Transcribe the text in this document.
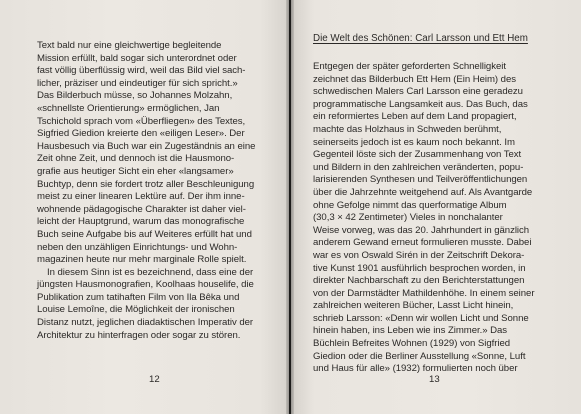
Text bald nur eine gleichwertige begleitende
Mission erfüllt, bald sogar sich unterordnet oder
fast völlig überflüssig wird, weil das Bild viel sach-
licher, präziser und eindeutiger für sich spricht.»
Das Bilderbuch müsse, so Johannes Molzahn,
«schnellste Orientierung» ermöglichen, Jan
Tschichold sprach vom «Überfliegen» des Textes,
Sigfried Giedion kreierte den «eiligen Leser». Der
Hausbesuch via Buch war ein Zugeständnis an eine
Zeit ohne Zeit, und dennoch ist die Hausmono-
grafie aus heutiger Sicht ein eher «langsamer»
Buchtyp, denn sie fordert trotz aller Beschleunigung
meist zu einer linearen Lektüre auf. Der ihm inne-
wohnende pädagogische Charakter ist daher viel-
leicht der Hauptgrund, warum das monografische
Buch seine Aufgabe bis auf Weiteres erfüllt hat und
neben den unzähligen Einrichtungs- und Wohn-
magazinen heute nur mehr marginale Rolle spielt.
In diesem Sinn ist es bezeichnend, dass eine der
jüngsten Hausmonografien, Koolhaas houselife, die
Publikation zum tatihaften Film von Ila Bêka und
Louise Lemoîne, die Möglichkeit der ironischen
Distanz nutzt, jeglichen diadaktischen Imperativ der
Architektur zu hinterfragen oder sogar zu stören.
12
Die Welt des Schönen: Carl Larsson und Ett Hem
Entgegen der später geforderten Schnelligkeit
zeichnet das Bilderbuch Ett Hem (Ein Heim) des
schwedischen Malers Carl Larsson eine geradezu
programmatische Langsamkeit aus. Das Buch, das
ein reformiertes Leben auf dem Land propagiert,
machte das Holzhaus in Schweden berühmt,
seinerseits jedoch ist es kaum noch bekannt. Im
Gegenteil löste sich der Zusammenhang von Text
und Bildern in den zahlreichen veränderten, popu-
larisierenden Synthesen und Teilveröffentlichungen
über die Jahrzehnte weitgehend auf. Als Avantgarde
ohne Gefolge nimmt das querformatige Album
(30,3 × 42 Zentimeter) Vieles in nonchalanter
Weise vorweg, was das 20. Jahrhundert in gänzlich
anderem Gewand erneut formulieren musste. Dabei
war es von Oswald Sirén in der Zeitschrift Dekora-
tive Kunst 1901 ausführlich besprochen worden, in
direkter Nachbarschaft zu den Berichterstattungen
von der Darmstädter Mathildenhöhe. In einem seiner
zahlreichen weiteren Bücher, Lasst Licht hinein,
schrieb Larsson: «Denn wir wollen Licht und Sonne
hinein haben, ins Leben wie ins Zimmer.» Das
Büchlein Befreites Wohnen (1929) von Sigfried
Giedion oder die Berliner Ausstellung «Sonne, Luft
und Haus für alle» (1932) formulierten noch über
13
